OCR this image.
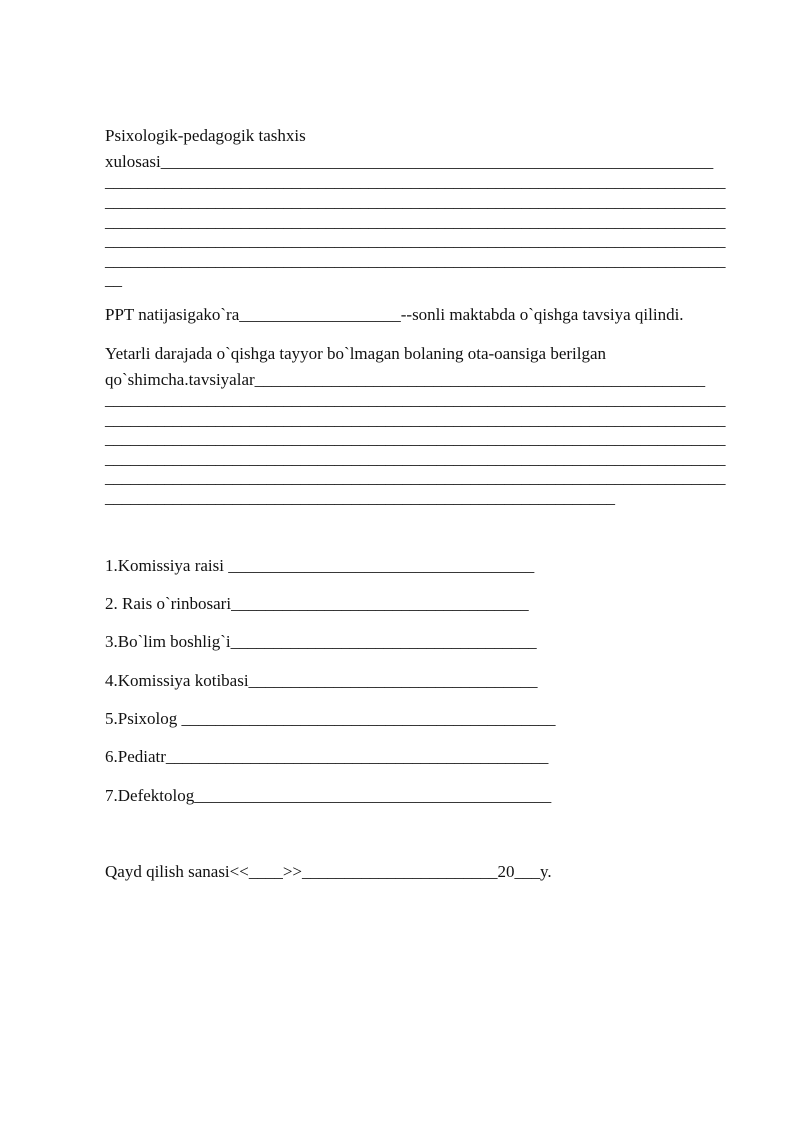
Psixologik-pedagogik tashxis

xulosasi_________________________________________________________________

_________________________________________________________________________

_________________________________________________________________________

_________________________________________________________________________

_________________________________________________________________________

_________________________________________________________________________

__

PPT natijasigako`ra___________________--sonli maktabda o`qishga tavsiya qilindi.

Yetarli darajada o`qishga tayyor bo`lmagan bolaning ota-oansiga berilgan

qo`shimcha.tavsiyalar_____________________________________________________

_________________________________________________________________________

_________________________________________________________________________

_________________________________________________________________________

_________________________________________________________________________

_________________________________________________________________________

____________________________________________________________

1.Komissiya raisi ____________________________________

2. Rais o`rinbosari___________________________________

3.Bo`lim boshlig`i____________________________________

4.Komissiya kotibasi__________________________________

5.Psixolog ____________________________________________

6.Pediatr_____________________________________________

7.Defektolog__________________________________________

Qayd qilish sanasi<<____>>_______________________20___y.
